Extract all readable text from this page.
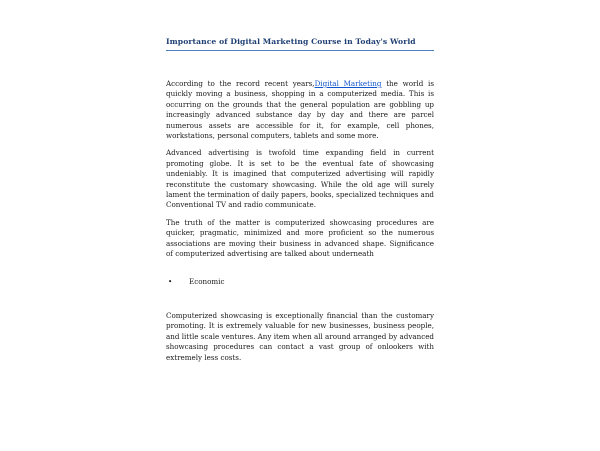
Importance of Digital Marketing Course in Today's World

According to the record recent years,Digital Marketing the world is quickly moving a business, shopping in a computerized media. This is occurring on the grounds that the general population are gobbling up increasingly advanced substance day by day and there are parcel numerous assets are accessible for it, for example, cell phones, workstations, personal computers, tablets and some more.

Advanced advertising is twofold time expanding field in current promoting globe. It is set to be the eventual fate of showcasing undeniably. It is imagined that computerized advertising will rapidly reconstitute the customary showcasing. While the old age will surely lament the termination of daily papers, books, specialized techniques and Conventional TV and radio communicate.

The truth of the matter is computerized showcasing procedures are quicker, pragmatic, minimized and more proficient so the numerous associations are moving their business in advanced shape. Significance of computerized advertising are talked about underneath

•	Economic

Computerized showcasing is exceptionally financial than the customary promoting. It is extremely valuable for new businesses, business people, and little scale ventures. Any item when all around arranged by advanced showcasing procedures can contact a vast group of onlookers with extremely less costs.
